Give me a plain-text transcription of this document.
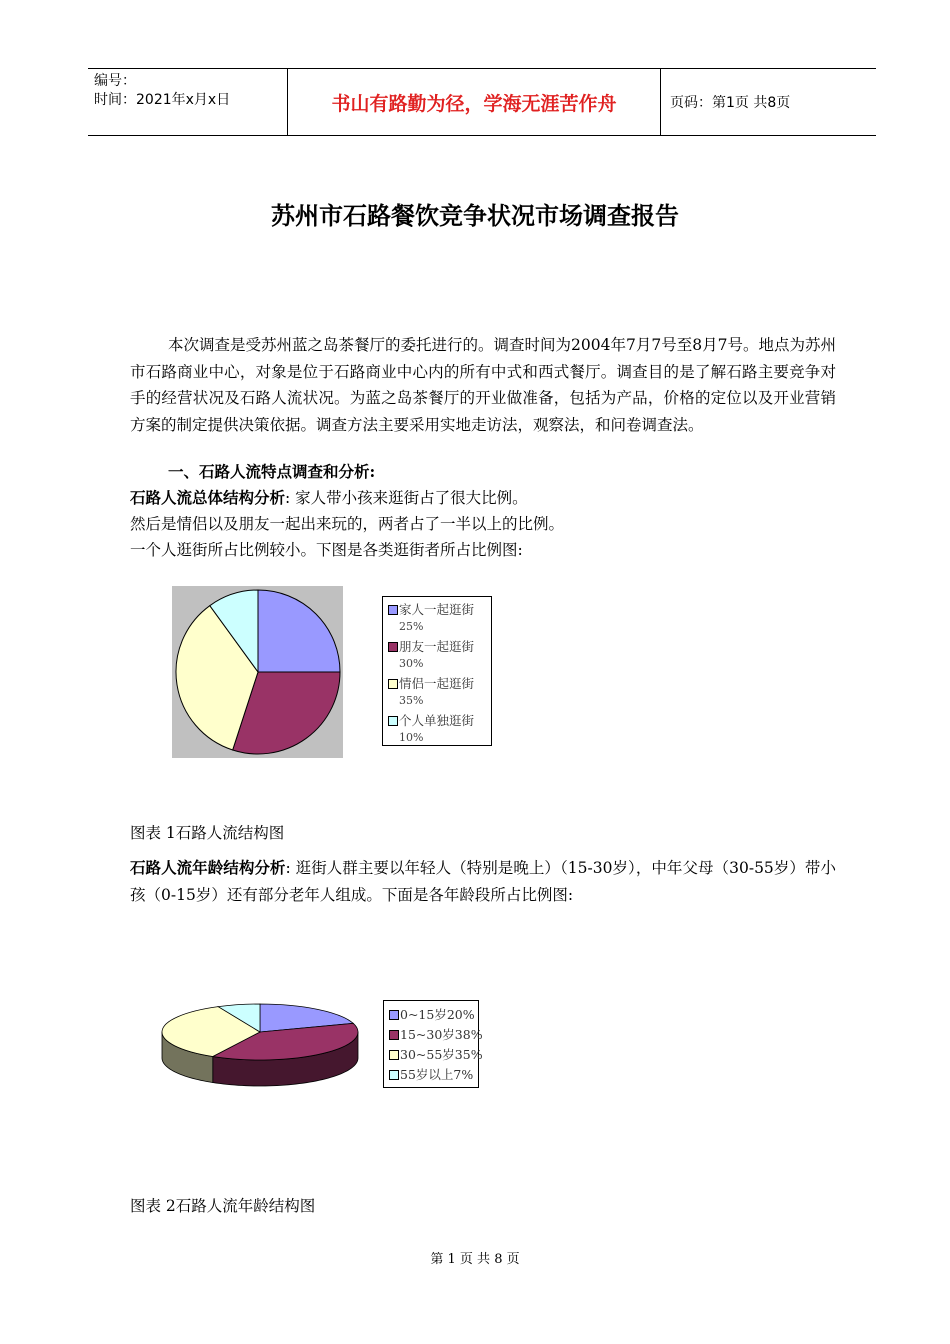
编号：
时间：2021年x月x日	书山有路勤为径，学海无涯苦作舟	页码：第1页 共8页
苏州市石路餐饮竞争状况市场调查报告
本次调查是受苏州蓝之岛茶餐厅的委托进行的。调查时间为2004年7月7号至8月7号。地点为苏州市石路商业中心，对象是位于石路商业中心内的所有中式和西式餐厅。调查目的是了解石路主要竞争对手的经营状况及石路人流状况。为蓝之岛茶餐厅的开业做准备，包括为产品，价格的定位以及开业营销方案的制定提供决策依据。调查方法主要采用实地走访法，观察法，和问卷调查法。
一、石路人流特点调查和分析:
石路人流总体结构分析: 家人带小孩来逛街占了很大比例。
然后是情侣以及朋友一起出来玩的，两者占了一半以上的比例。
一个人逛街所占比例较小。下图是各类逛街者所占比例图:
家人一起逛街
25%
朋友一起逛街
30%
情侣一起逛街
35%
个人单独逛街
10%
图表 1石路人流结构图
石路人流年龄结构分析: 逛街人群主要以年轻人（特别是晚上）（15-30岁），中年父母（30-55岁）带小孩（0-15岁）还有部分老年人组成。下面是各年龄段所占比例图:
0~15岁20%
15~30岁38%
30~55岁35%
55岁以上7%
图表 2石路人流年龄结构图
第 1 页 共 8 页
